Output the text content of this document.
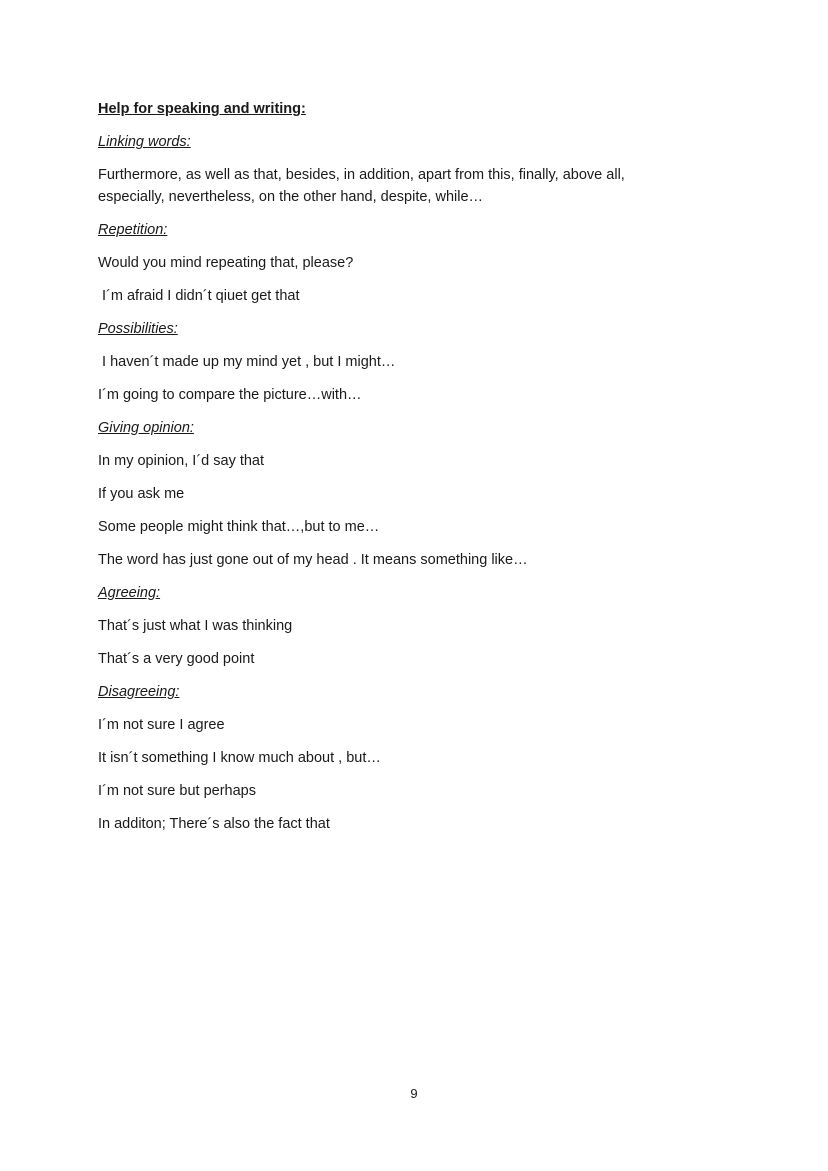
Help for speaking and writing:
Linking words:
Furthermore, as well as that, besides, in addition, apart from this, finally, above all, especially, nevertheless, on the other hand, despite, while…
Repetition:
Would you mind repeating that, please?
I´m afraid I didn´t qiuet get that
Possibilities:
I haven´t made up my mind yet , but I might…
I´m going to compare the picture…with…
Giving opinion:
In my opinion, I´d say that
If you ask me
Some people might think that…,but to me…
The word has just gone out of my head . It means something like…
Agreeing:
That´s just what I was thinking
That´s a very good point
Disagreeing:
I´m not sure I agree
It isn´t something I know much about , but…
I´m not sure but perhaps
In additon; There´s also the fact that
9
